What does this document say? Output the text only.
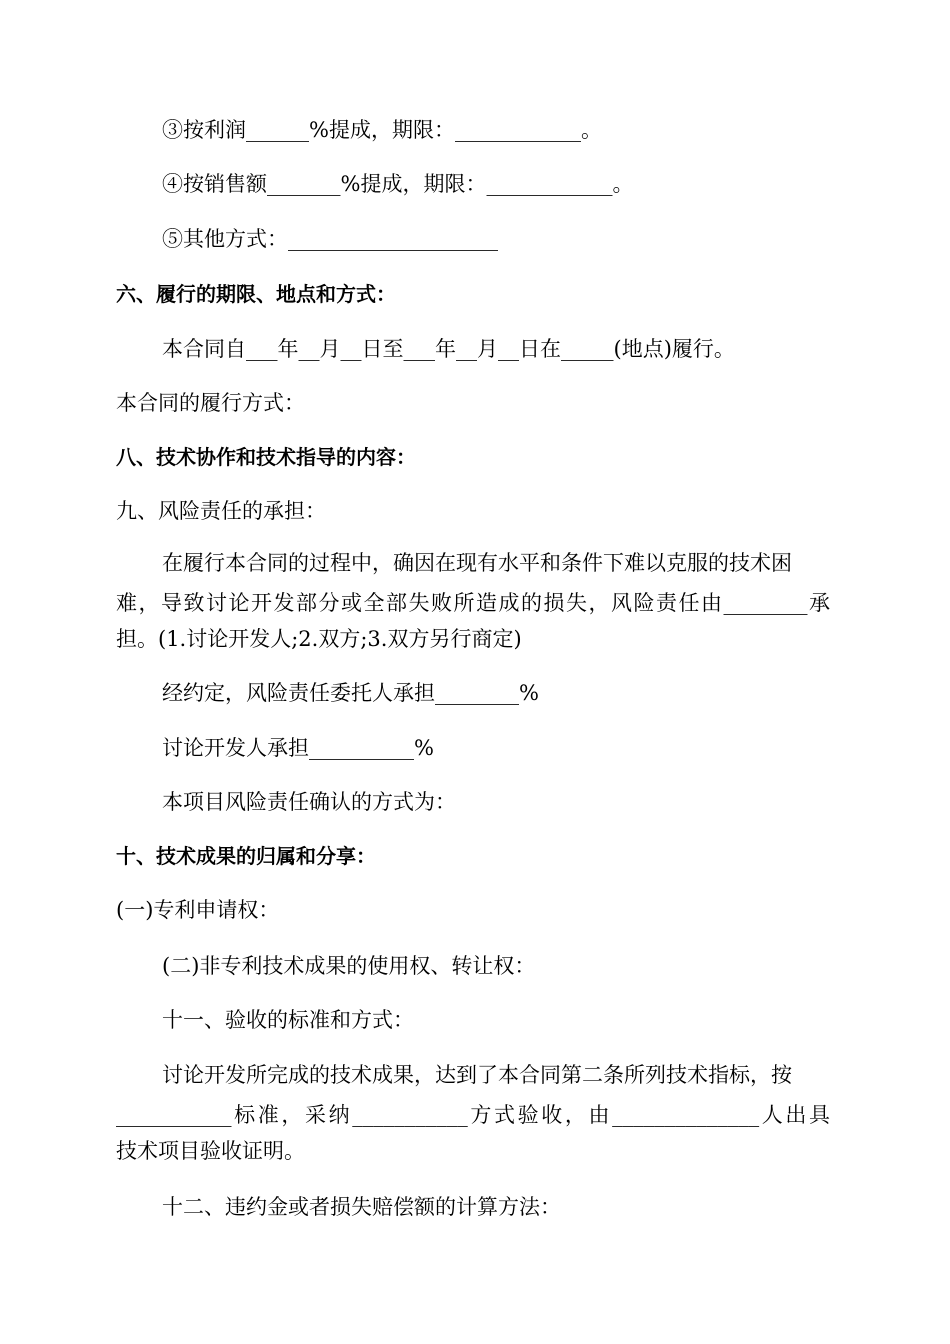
③按利润______%提成，期限：____________。

④按销售额_______%提成，期限：____________。

⑤其他方式：____________________

六、履行的期限、地点和方式：

本合同自___年__月__日至___年__月__日在_____(地点)履行。

本合同的履行方式：

八、技术协作和技术指导的内容：

九、风险责任的承担：

在履行本合同的过程中，确因在现有水平和条件下难以克服的技术困

难，导致讨论开发部分或全部失败所造成的损失，风险责任由________承

担。(1.讨论开发人;2.双方;3.双方另行商定)

经约定，风险责任委托人承担________%

讨论开发人承担__________%

本项目风险责任确认的方式为：

十、技术成果的归属和分享：

(一)专利申请权：

(二)非专利技术成果的使用权、转让权：

十一、验收的标准和方式：

讨论开发所完成的技术成果，达到了本合同第二条所列技术指标，按

___________标准，采纳___________方式验收，由______________人出具

技术项目验收证明。

十二、违约金或者损失赔偿额的计算方法：
